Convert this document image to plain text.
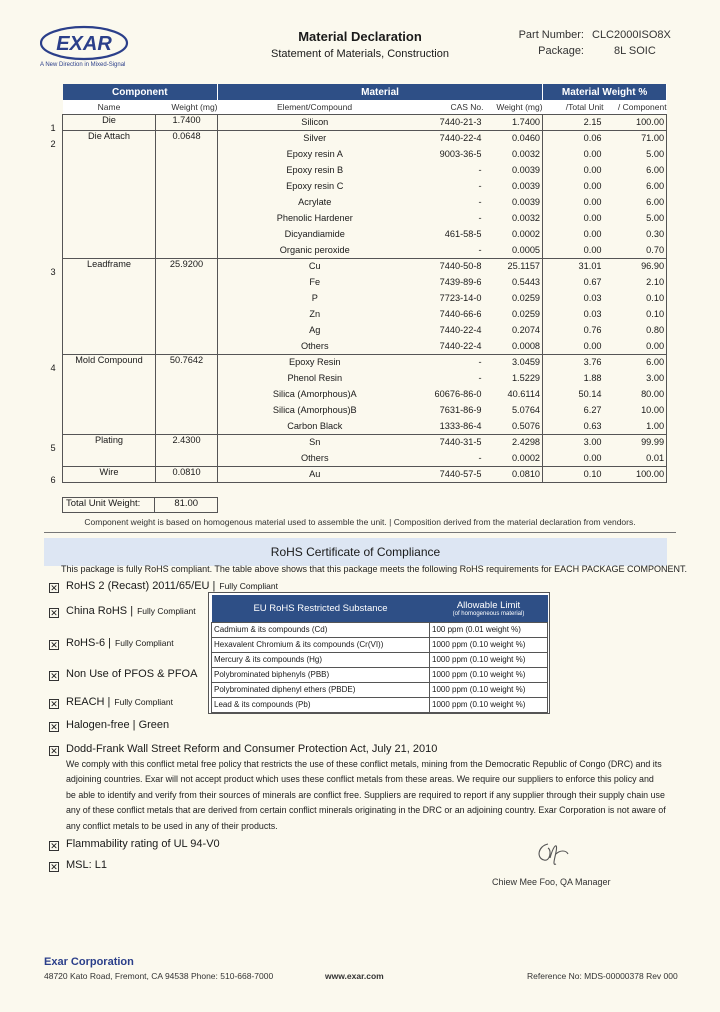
EXAR
A New Direction in Mixed-Signal
Material Declaration
Statement of Materials, Construction
Part Number: CLC2000ISO8X
Package:	8L SOIC
Component		Material			Material Weight %	
Name	Weight (mg)	Element/Compound	CAS No.	Weight (mg)	/Total Unit	/ Component
Die	1.7400	Silicon	7440-21-3	1.7400	2.15	100.00
Die Attach	0.0648	Silver	7440-22-4	0.0460	0.06	71.00
		Epoxy resin A	9003-36-5	0.0032	0.00	5.00
		Epoxy resin B	-	0.0039	0.00	6.00
		Epoxy resin C	-	0.0039	0.00	6.00
		Acrylate	-	0.0039	0.00	6.00
		Phenolic Hardener	-	0.0032	0.00	5.00
		Dicyandiamide	461-58-5	0.0002	0.00	0.30
		Organic peroxide	-	0.0005	0.00	0.70
Leadframe	25.9200	Cu	7440-50-8	25.1157	31.01	96.90
		Fe	7439-89-6	0.5443	0.67	2.10
		P	7723-14-0	0.0259	0.03	0.10
		Zn	7440-66-6	0.0259	0.03	0.10
		Ag	7440-22-4	0.2074	0.76	0.80
		Others	7440-22-4	0.0008	0.00	0.00
Mold Compound	50.7642	Epoxy Resin	-	3.0459	3.76	6.00
		Phenol Resin	-	1.5229	1.88	3.00
		Silica (Amorphous)A	60676-86-0	40.6114	50.14	80.00
		Silica (Amorphous)B	7631-86-9	5.0764	6.27	10.00
		Carbon Black	1333-86-4	0.5076	0.63	1.00
Plating	2.4300	Sn	7440-31-5	2.4298	3.00	99.99
		Others	-	0.0002	0.00	0.01
Wire	0.0810	Au	7440-57-5	0.0810	0.10	100.00
1
2
3
4
5
6
Total Unit Weight:	81.00
Component weight is based on homogenous material used to assemble the unit. | Composition derived from the material declaration from vendors.
RoHS Certificate of Compliance
This package is fully RoHS compliant. The table above shows that this package meets the following RoHS requirements for EACH PACKAGE COMPONENT.
✕ RoHS 2 (Recast) 2011/65/EU | Fully Compliant
✕ China RoHS | Fully Compliant
✕ RoHS-6 | Fully Compliant
✕ Non Use of PFOS & PFOA
✕ REACH | Fully Compliant
✕ Halogen-free | Green
✕ Dodd-Frank Wall Street Reform and Consumer Protection Act, July 21, 2010
✕ Flammability rating of UL 94-V0
✕ MSL: L1
EU RoHS Restricted Substance	Allowable Limit
(of homogeneous material)

Cadmium & its compounds (Cd)	100 ppm (0.01 weight %)
Hexavalent Chromium & its compounds (Cr(VI))	1000 ppm (0.10 weight %)
Mercury & its compounds (Hg)	1000 ppm (0.10 weight %)
Polybrominated biphenyls (PBB)	1000 ppm (0.10 weight %)
Polybrominated diphenyl ethers (PBDE)	1000 ppm (0.10 weight %)
Lead & its compounds (Pb)	1000 ppm (0.10 weight %)
We comply with this conflict metal free policy that restricts the use of these conflict metals, mining from the Democratic Republic of Congo (DRC) and its adjoining countries. Exar will not accept product which uses these conflict metals from these areas. We require our suppliers to enforce this policy and be able to identify and verify from their sources of minerals are conflict free. Suppliers are required to report if any supplier through their supply chain use any of these conflict metals that are derived from certain conflict minerals originating in the DRC or an adjoining country. Exar Corporation is not aware of any conflict metals to be used in any of their products.
Chiew Mee Foo, QA Manager
Exar Corporation
48720 Kato Road, Fremont, CA 94538 Phone: 510-668-7000	www.exar.com	Reference No: MDS-00000378 Rev 000
